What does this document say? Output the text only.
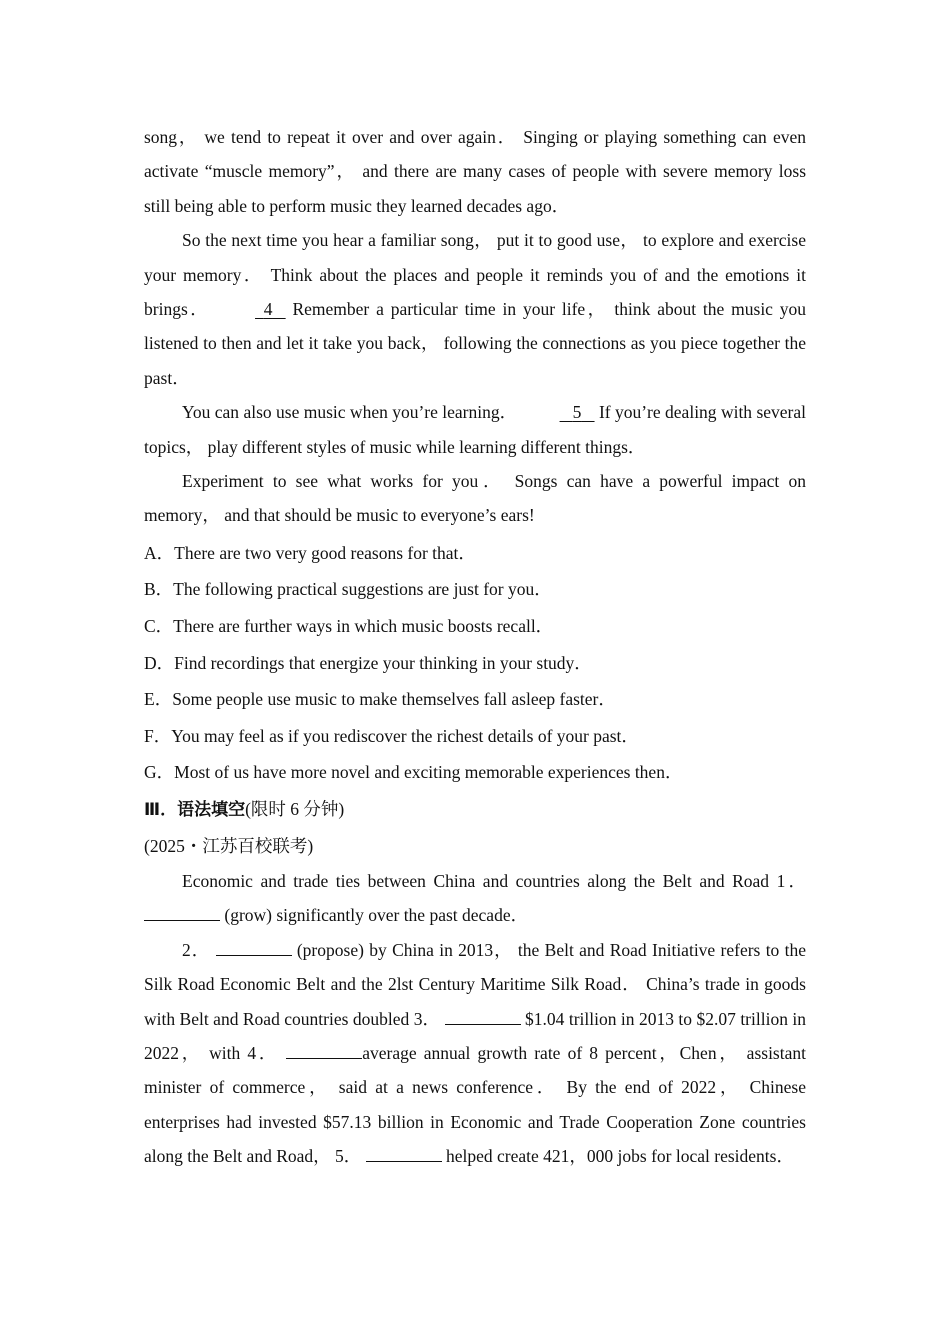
song， we tend to repeat it over and over again． Singing or playing something can even activate “muscle memory”， and there are many cases of people with severe memory loss still being able to perform music they learned decades ago．

So the next time you hear a familiar song， put it to good use， to explore and exercise your memory． Think about the places and people it reminds you of and the emotions it brings．	4 Remember a particular time in your life， think about the music you listened to then and let it take you back， following the connections as you piece together the past．

You can also use music when you’re learning．	5 If you’re dealing with several topics， play different styles of music while learning different things．

Experiment to see what works for you． Songs can have a powerful impact on memory， and that should be music to everyone’s ears!

A．There are two very good reasons for that．
B．The following practical suggestions are just for you．
C．There are further ways in which music boosts recall．
D．Find recordings that energize your thinking in your study．
E．Some people use music to make themselves fall asleep faster．
F．You may feel as if you rediscover the richest details of your past．
G．Most of us have more novel and exciting memorable experiences then．
Ⅲ．语法填空(限时 6 分钟)
(2025・江苏百校联考)

Economic and trade ties between China and countries along the Belt and Road 1．  (grow) significantly over the past decade．

2．	(propose) by China in 2013， the Belt and Road Initiative refers to the Silk Road Economic Belt and the 2lst Century Maritime Silk Road． China’s trade in goods with Belt and Road countries doubled 3．	$1.04 trillion in 2013 to $2.07 trillion in 2022， with 4．	average annual growth rate of 8 percent，Chen， assistant minister of commerce， said at a news conference． By the end of 2022， Chinese enterprises had invested $57.13 billion in Economic and Trade Cooperation Zone countries along the Belt and Road， 5．	helped create 421，000 jobs for local residents．
